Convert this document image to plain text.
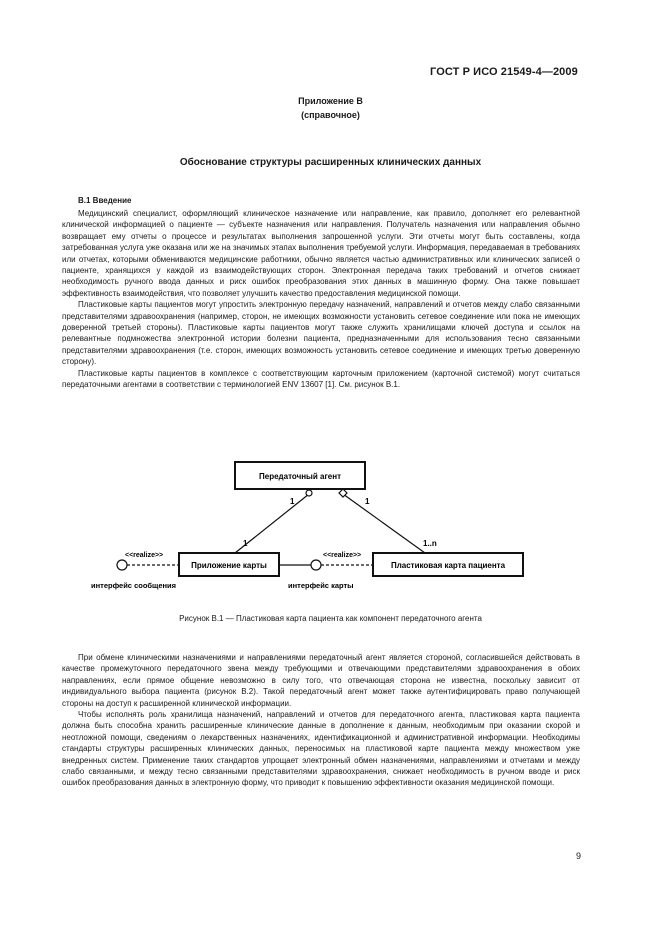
ГОСТ Р ИСО 21549-4—2009
Приложение В
(справочное)
Обоснование структуры расширенных клинических данных
В.1 Введение

Медицинский специалист, оформляющий клиническое назначение или направление, как правило, дополняет его релевантной клинической информацией о пациенте — субъекте назначения или направления. Получатель назначения или направления обычно возвращает ему отчеты о процессе и результатах выполнения запрошенной услуги. Эти отчеты могут быть составлены, когда затребованная услуга уже оказана или же на значимых этапах выполнения требуемой услуги. Информация, передаваемая в требованиях или отчетах, которыми обмениваются медицинские работники, обычно является частью административных или клинических записей о пациенте, хранящихся у каждой из взаимодействующих сторон. Электронная передача таких требований и отчетов снижает необходимость ручного ввода данных и риск ошибок преобразования этих данных в машинную форму. Она также повышает эффективность взаимодействия, что позволяет улучшить качество предоставления медицинской помощи.

Пластиковые карты пациентов могут упростить электронную передачу назначений, направлений и отчетов между слабо связанными представителями здравоохранения (например, сторон, не имеющих возможности установить сетевое соединение или пока не имеющих доверенной третьей стороны). Пластиковые карты пациентов могут также служить хранилищами ключей доступа и ссылок на релевантные подмножества электронной истории болезни пациента, предназначенными для использования тесно связанными представителями здравоохранения (т.е. сторон, имеющих возможность установить сетевое соединение и имеющих третью доверенную сторону).

Пластиковые карты пациентов в комплексе с соответствующим карточным приложением (карточной системой) могут считаться передаточными агентами в соответствии с терминологией ENV 13607 [1]. См. рисунок В.1.

Передаточный агент
Приложение карты	Пластиковая карта пациента
1	1
1	1..n
<<realize>>
интерфейс сообщения
<<realize>>
интерфейс карты
Рисунок В.1 — Пластиковая карта пациента как компонент передаточного агента

При обмене клиническими назначениями и направлениями передаточный агент является стороной, согласившейся действовать в качестве промежуточного передаточного звена между требующими и отвечающими представителями здравоохранения в обоих направлениях, если прямое общение невозможно в силу того, что отвечающая сторона не известна, поскольку зависит от индивидуального выбора пациента (рисунок В.2). Такой передаточный агент может также аутентифицировать право получающей стороны на доступ к расширенной клинической информации.

Чтобы исполнять роль хранилища назначений, направлений и отчетов для передаточного агента, пластиковая карта пациента должна быть способна хранить расширенные клинические данные в дополнение к данным, необходимым при оказании скорой и неотложной помощи, сведениям о лекарственных назначениях, идентификационной и административной информации. Необходимы стандарты структуры расширенных клинических данных, переносимых на пластиковой карте пациента между множеством уже внедренных систем. Применение таких стандартов упрощает электронный обмен назначениями, направлениями и отчетами и между слабо связанными, и между тесно связанными представителями здравоохранения, снижает необходимость в ручном вводе и риск ошибок преобразования данных в электронную форму, что приводит к повышению эффективности оказания медицинской помощи.

9
